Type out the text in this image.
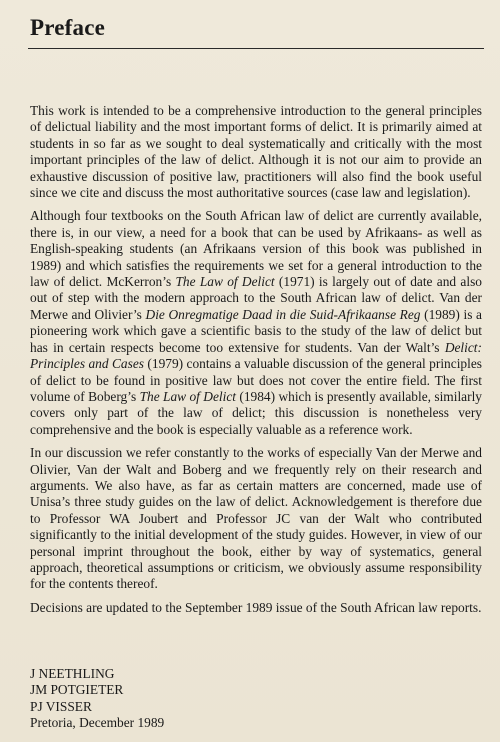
Preface

This work is intended to be a comprehensive introduction to the general principles of delictual liability and the most important forms of delict. It is primarily aimed at students in so far as we sought to deal systematically and critically with the most important principles of the law of delict. Although it is not our aim to provide an exhaustive discussion of positive law, practitioners will also find the book useful since we cite and discuss the most authoritative sources (case law and legislation).

Although four textbooks on the South African law of delict are currently available, there is, in our view, a need for a book that can be used by Afrikaans- as well as English-speaking students (an Afrikaans version of this book was published in 1989) and which satisfies the requirements we set for a general introduction to the law of delict. McKerron’s The Law of Delict (1971) is largely out of date and also out of step with the modern approach to the South African law of delict. Van der Merwe and Olivier’s Die Onregmatige Daad in die Suid-Afrikaanse Reg (1989) is a pioneering work which gave a scientific basis to the study of the law of delict but has in certain respects become too extensive for students. Van der Walt’s Delict: Principles and Cases (1979) contains a valuable discussion of the general principles of delict to be found in positive law but does not cover the entire field. The first volume of Boberg’s The Law of Delict (1984) which is presently available, similarly covers only part of the law of delict; this discussion is nonetheless very comprehensive and the book is especially valuable as a reference work.

In our discussion we refer constantly to the works of especially Van der Merwe and Olivier, Van der Walt and Boberg and we frequently rely on their research and arguments. We also have, as far as certain matters are concerned, made use of Unisa’s three study guides on the law of delict. Acknowledgement is therefore due to Professor WA Joubert and Professor JC van der Walt who contributed significantly to the initial development of the study guides. However, in view of our personal imprint throughout the book, either by way of systematics, general approach, theoretical assumptions or criticism, we obviously assume responsibility for the contents thereof.

Decisions are updated to the September 1989 issue of the South African law reports.

J NEETHLING
JM POTGIETER
PJ VISSER
Pretoria, December 1989
